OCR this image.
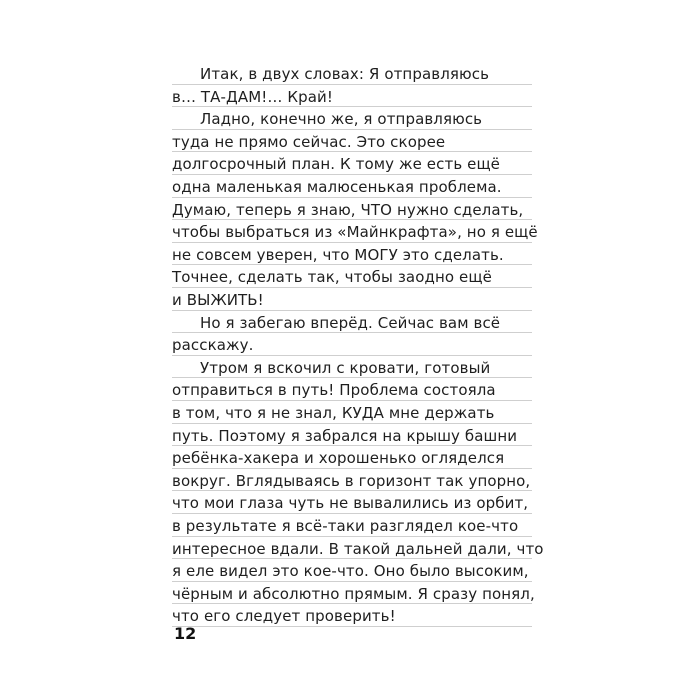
Итак, в двух словах: Я отправляюсь
в… ТА-ДАМ!… Край!
Ладно, конечно же, я отправляюсь
туда не прямо сейчас. Это скорее
долгосрочный план. К тому же есть ещё
одна маленькая малюсенькая проблема.
Думаю, теперь я знаю, ЧТО нужно сделать,
чтобы выбраться из «Майнкрафта», но я ещё
не совсем уверен, что МОГУ это сделать.
Точнее, сделать так, чтобы заодно ещё
и ВЫЖИТЬ!
Но я забегаю вперёд. Сейчас вам всё
расскажу.
Утром я вскочил с кровати, готовый
отправиться в путь! Проблема состояла
в том, что я не знал, КУДА мне держать
путь. Поэтому я забрался на крышу башни
ребёнка-хакера и хорошенько огляделся
вокруг. Вглядываясь в горизонт так упорно,
что мои глаза чуть не вывалились из орбит,
в результате я всё-таки разглядел кое-что
интересное вдали. В такой дальней дали, что
я еле видел это кое-что. Оно было высоким,
чёрным и абсолютно прямым. Я сразу понял,
что его следует проверить!
12
